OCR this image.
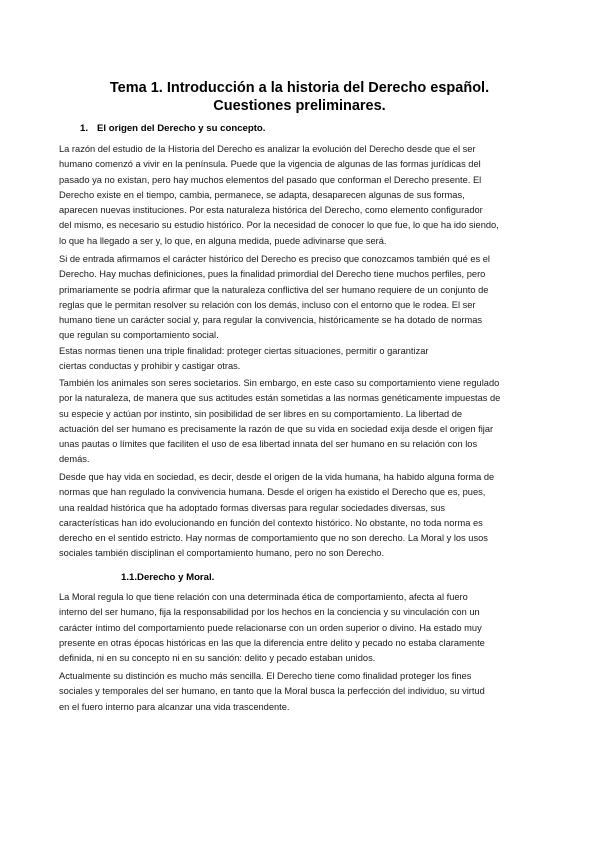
Tema 1. Introducción a la historia del Derecho español.
Cuestiones preliminares.
1. El origen del Derecho y su concepto.
La razón del estudio de la Historia del Derecho es analizar la evolución del Derecho desde que el ser
humano comenzó a vivir en la península. Puede que la vigencia de algunas de las formas jurídicas del
pasado ya no existan, pero hay muchos elementos del pasado que conforman el Derecho presente. El
Derecho existe en el tiempo, cambia, permanece, se adapta, desaparecen algunas de sus formas,
aparecen nuevas instituciones. Por esta naturaleza histórica del Derecho, como elemento configurador
del mismo, es necesario su estudio histórico. Por la necesidad de conocer lo que fue, lo que ha ido siendo,
lo que ha llegado a ser y, lo que, en alguna medida, puede adivinarse que será.
Si de entrada afirmamos el carácter histórico del Derecho es preciso que conozcamos también qué es el
Derecho. Hay muchas definiciones, pues la finalidad primordial del Derecho tiene muchos perfiles, pero
primariamente se podría afirmar que la naturaleza conflictiva del ser humano requiere de un conjunto de
reglas que le permitan resolver su relación con los demás, incluso con el entorno que le rodea. El ser
humano tiene un carácter social y, para regular la convivencia, históricamente se ha dotado de normas
que regulan su comportamiento social.
Estas normas tienen una triple finalidad: proteger ciertas situaciones, permitir o garantizar
ciertas conductas y prohibir y castigar otras.
También los animales son seres societarios. Sin embargo, en este caso su comportamiento viene regulado
por la naturaleza, de manera que sus actitudes están sometidas a las normas genéticamente impuestas de
su especie y actúan por instinto, sin posibilidad de ser libres en su comportamiento. La libertad de
actuación del ser humano es precisamente la razón de que su vida en sociedad exija desde el origen fijar
unas pautas o límites que faciliten el uso de esa libertad innata del ser humano en su relación con los
demás.
Desde que hay vida en sociedad, es decir, desde el origen de la vida humana, ha habido alguna forma de
normas que han regulado la convivencia humana. Desde el origen ha existido el Derecho que es, pues,
una realdad histórica que ha adoptado formas diversas para regular sociedades diversas, sus
características han ido evolucionando en función del contexto histórico. No obstante, no toda norma es
derecho en el sentido estricto. Hay normas de comportamiento que no son derecho. La Moral y los usos
sociales también disciplinan el comportamiento humano, pero no son Derecho.
1.1.Derecho y Moral.
La Moral regula lo que tiene relación con una determinada ética de comportamiento, afecta al fuero
interno del ser humano, fija la responsabilidad por los hechos en la conciencia y su vinculación con un
carácter íntimo del comportamiento puede relacionarse con un orden superior o divino. Ha estado muy
presente en otras épocas históricas en las que la diferencia entre delito y pecado no estaba claramente
definida, ni en su concepto ni en su sanción: delito y pecado estaban unidos.
Actualmente su distinción es mucho más sencilla. El Derecho tiene como finalidad proteger los fines
sociales y temporales del ser humano, en tanto que la Moral busca la perfección del individuo, su virtud
en el fuero interno para alcanzar una vida trascendente.
